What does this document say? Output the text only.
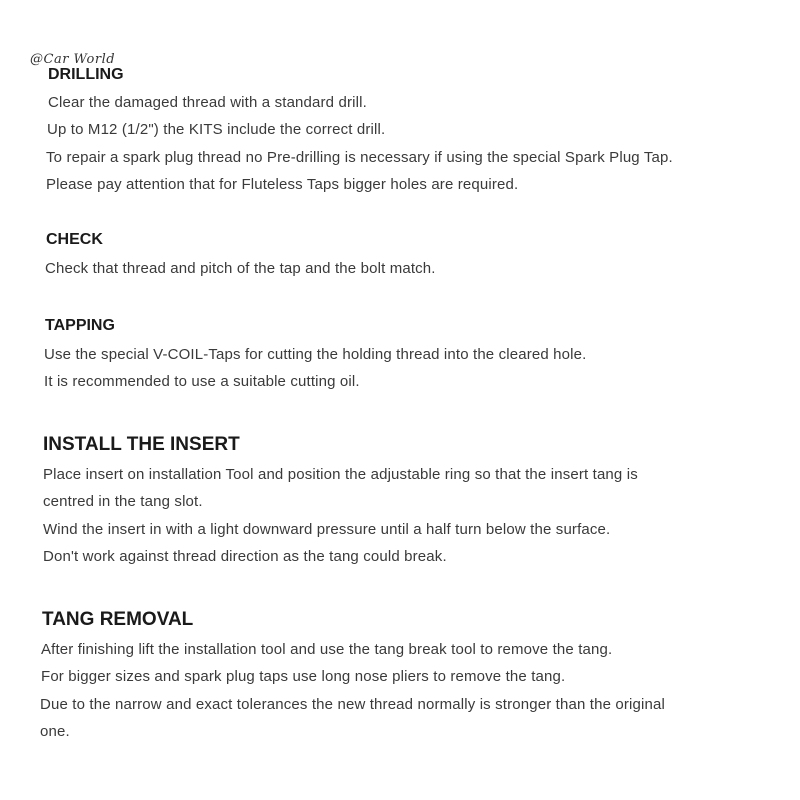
@Car World
DRILLING
Clear the damaged thread with a standard drill.
Up to M12 (1/2") the KITS include the correct drill.
To repair a spark plug thread no Pre-drilling is necessary if using the special Spark Plug Tap.
Please pay attention that for Fluteless Taps bigger holes are required.
CHECK
Check that thread and pitch of the tap and the bolt match.
TAPPING
Use the special V-COIL-Taps for cutting the holding thread into the cleared hole.
It is recommended to use a suitable cutting oil.
INSTALL THE INSERT
Place insert on installation Tool and position the adjustable ring so that the insert tang is
centred in the tang slot.
Wind the insert in with a light downward pressure until a half turn below the surface.
Don't work against thread direction as the tang could break.
TANG REMOVAL
After finishing lift the installation tool and use the tang break tool to remove the tang.
For bigger sizes and spark plug taps use long nose pliers to remove the tang.
Due to the narrow and exact tolerances the new thread normally is stronger than the original
one.
